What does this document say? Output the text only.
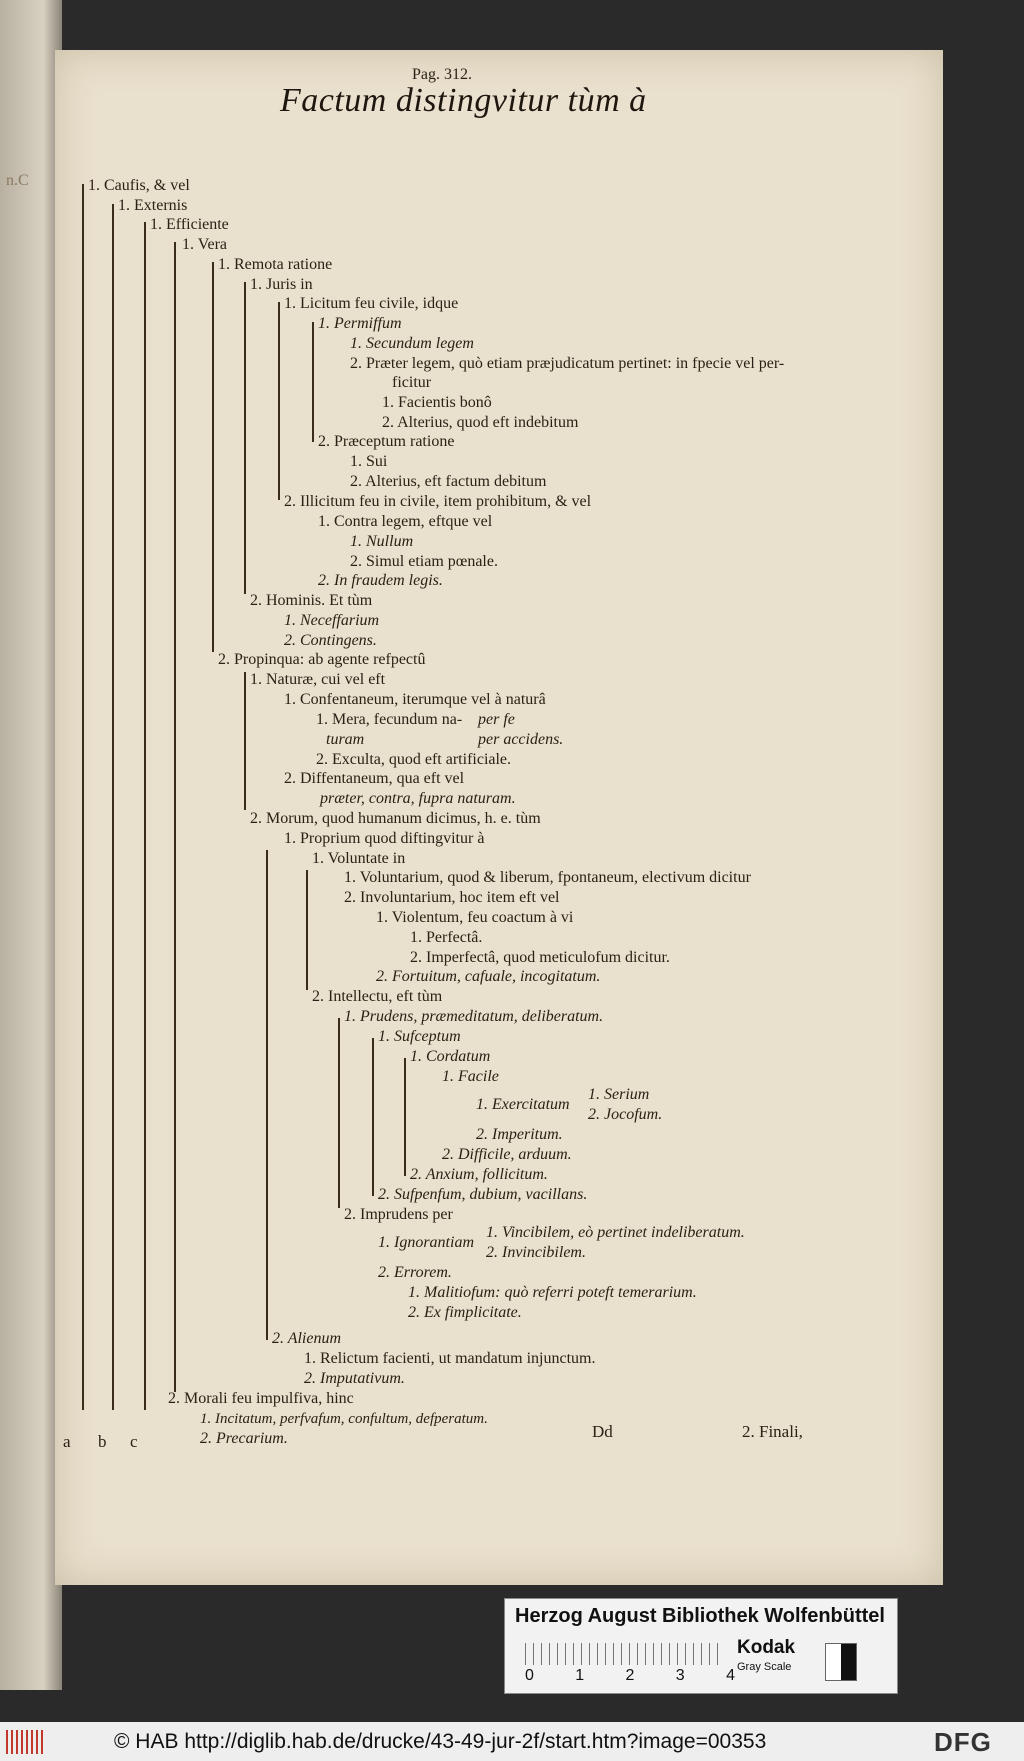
n.C
Pag. 312.
Factum distingvitur tùm à
1. Caufis, & vel
1. Externis
1. Efficiente
1. Vera
1. Remota ratione
1. Juris in
1. Licitum feu civile, idque
1. Permiffum
1. Secundum legem
2. Præter legem, quò etiam præjudicatum pertinet: in fpecie vel per-
ficitur
1. Facientis bonô
2. Alterius, quod eft indebitum
2. Præceptum ratione
1. Sui
2. Alterius, eft factum debitum
2. Illicitum feu in civile, item prohibitum, & vel
1. Contra legem, eftque vel
1. Nullum
2. Simul etiam pœnale.
2. In fraudem legis.
2. Hominis. Et tùm
1. Neceffarium
2. Contingens.
2. Propinqua: ab agente refpectû
1. Naturæ, cui vel eft
1. Confentaneum, iterumque vel à naturâ
1. Mera, fecundum na-
turam
per fe
per accidens.
2. Exculta, quod eft artificiale.
2. Diffentaneum, qua eft vel
præter, contra, fupra naturam.
2. Morum, quod humanum dicimus, h. e. tùm
1. Proprium quod diftingvitur à
1. Voluntate in
1. Voluntarium, quod & liberum, fpontaneum, electivum dicitur
2. Involuntarium, hoc item eft vel
1. Violentum, feu coactum à vi
1. Perfectâ.
2. Imperfectâ, quod meticulofum dicitur.
2. Fortuitum, cafuale, incogitatum.
2. Intellectu, eft tùm
1. Prudens, præmeditatum, deliberatum.
1. Sufceptum
1. Cordatum
1. Facile
1. Exercitatum
1. Serium
2. Jocofum.
2. Imperitum.
2. Difficile, arduum.
2. Anxium, follicitum.
2. Sufpenfum, dubium, vacillans.
2. Imprudens per
1. Ignorantiam
1. Vincibilem, eò pertinet indeliberatum.
2. Invincibilem.
2. Errorem.
1. Malitiofum: quò referri poteft temerarium.
2. Ex fimplicitate.
2. Alienum
1. Relictum facienti, ut mandatum injunctum.
2. Imputativum.
2. Morali feu impulfiva, hinc
1. Incitatum, perfvafum, confultum, defperatum.
2. Precarium.
a b c
Dd	2. Finali,
Herzog August Bibliothek Wolfenbüttel
0	1	2	3	4
Kodak
Gray Scale
© HAB http://diglib.hab.de/drucke/43-49-jur-2f/start.htm?image=00353	DFG
